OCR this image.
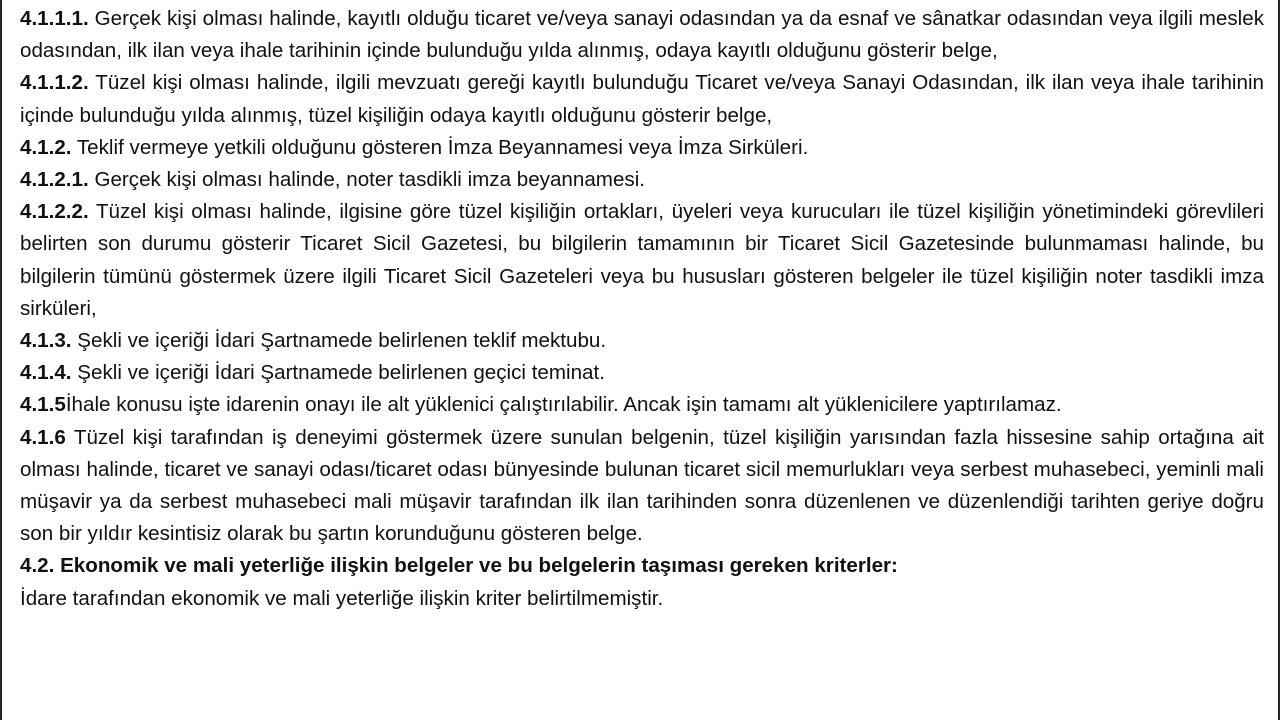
4.1.1.1. Gerçek kişi olması halinde, kayıtlı olduğu ticaret ve/veya sanayi odasından ya da esnaf ve sânatkar odasından veya ilgili meslek odasından, ilk ilan veya ihale tarihinin içinde bulunduğu yılda alınmış, odaya kayıtlı olduğunu gösterir belge,

4.1.1.2. Tüzel kişi olması halinde, ilgili mevzuatı gereği kayıtlı bulunduğu Ticaret ve/veya Sanayi Odasından, ilk ilan veya ihale tarihinin içinde bulunduğu yılda alınmış, tüzel kişiliğin odaya kayıtlı olduğunu gösterir belge,

4.1.2. Teklif vermeye yetkili olduğunu gösteren İmza Beyannamesi veya İmza Sirküleri.

4.1.2.1. Gerçek kişi olması halinde, noter tasdikli imza beyannamesi.

4.1.2.2. Tüzel kişi olması halinde, ilgisine göre tüzel kişiliğin ortakları, üyeleri veya kurucuları ile tüzel kişiliğin yönetimindeki görevlileri belirten son durumu gösterir Ticaret Sicil Gazetesi, bu bilgilerin tamamının bir Ticaret Sicil Gazetesinde bulunmaması halinde, bu bilgilerin tümünü göstermek üzere ilgili Ticaret Sicil Gazeteleri veya bu hususları gösteren belgeler ile tüzel kişiliğin noter tasdikli imza sirküleri,

4.1.3. Şekli ve içeriği İdari Şartnamede belirlenen teklif mektubu.

4.1.4. Şekli ve içeriği İdari Şartnamede belirlenen geçici teminat.

4.1.5İhale konusu işte idarenin onayı ile alt yüklenici çalıştırılabilir. Ancak işin tamamı alt yüklenicilere yaptırılamaz.

4.1.6 Tüzel kişi tarafından iş deneyimi göstermek üzere sunulan belgenin, tüzel kişiliğin yarısından fazla hissesine sahip ortağına ait olması halinde, ticaret ve sanayi odası/ticaret odası bünyesinde bulunan ticaret sicil memurlukları veya serbest muhasebeci, yeminli mali müşavir ya da serbest muhasebeci mali müşavir tarafından ilk ilan tarihinden sonra düzenlenen ve düzenlendiği tarihten geriye doğru son bir yıldır kesintisiz olarak bu şartın korunduğunu gösteren belge.

4.2. Ekonomik ve mali yeterliğe ilişkin belgeler ve bu belgelerin taşıması gereken kriterler:

İdare tarafından ekonomik ve mali yeterliğe ilişkin kriter belirtilmemiştir.
